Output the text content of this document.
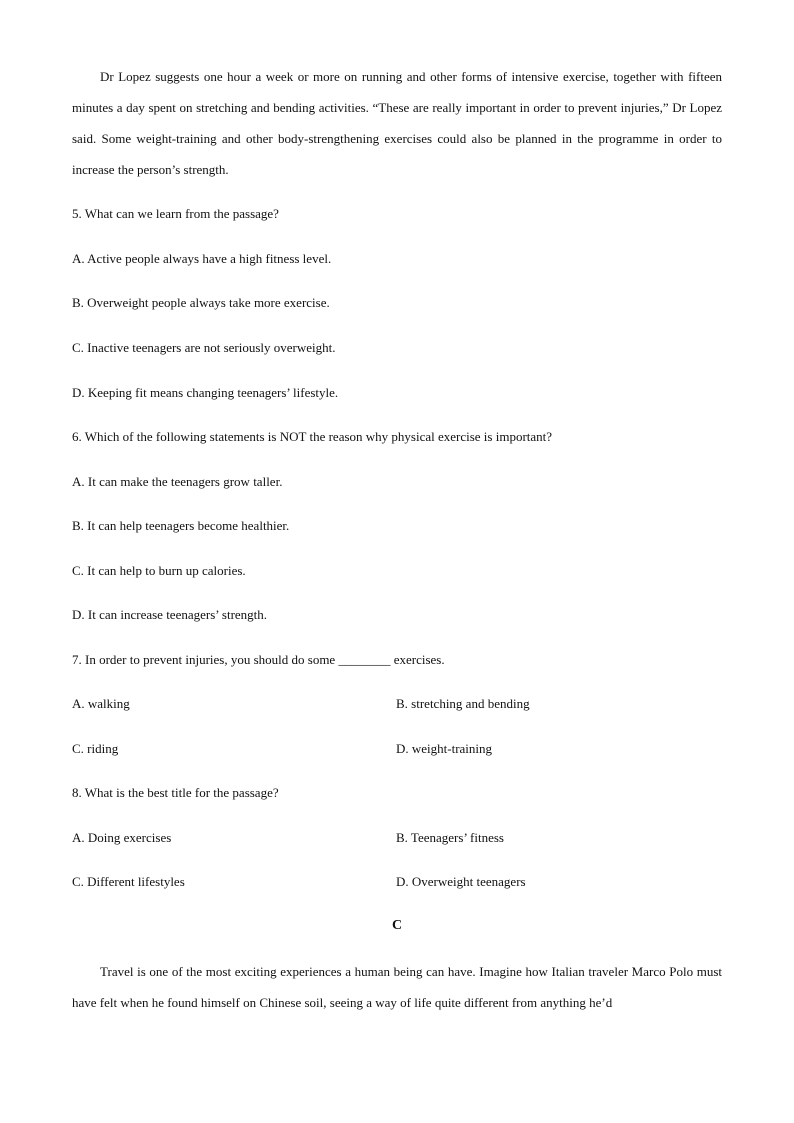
Dr Lopez suggests one hour a week or more on running and other forms of intensive exercise, together with fifteen minutes a day spent on stretching and bending activities. “These are really important in order to prevent injuries,” Dr Lopez said. Some weight-training and other body-strengthening exercises could also be planned in the programme in order to increase the person’s strength.

5. What can we learn from the passage?
A. Active people always have a high fitness level.
B. Overweight people always take more exercise.
C. Inactive teenagers are not seriously overweight.
D. Keeping fit means changing teenagers’ lifestyle.
6. Which of the following statements is NOT the reason why physical exercise is important?
A. It can make the teenagers grow taller.
B. It can help teenagers become healthier.
C. It can help to burn up calories.
D. It can increase teenagers’ strength.
7. In order to prevent injuries, you should do some ________ exercises.
A. walking	B. stretching and bending
C. riding	D. weight-training
8. What is the best title for the passage?
A. Doing exercises	B. Teenagers’ fitness
C. Different lifestyles	D. Overweight teenagers
C

Travel is one of the most exciting experiences a human being can have. Imagine how Italian traveler Marco Polo must have felt when he found himself on Chinese soil, seeing a way of life quite different from anything he’d
